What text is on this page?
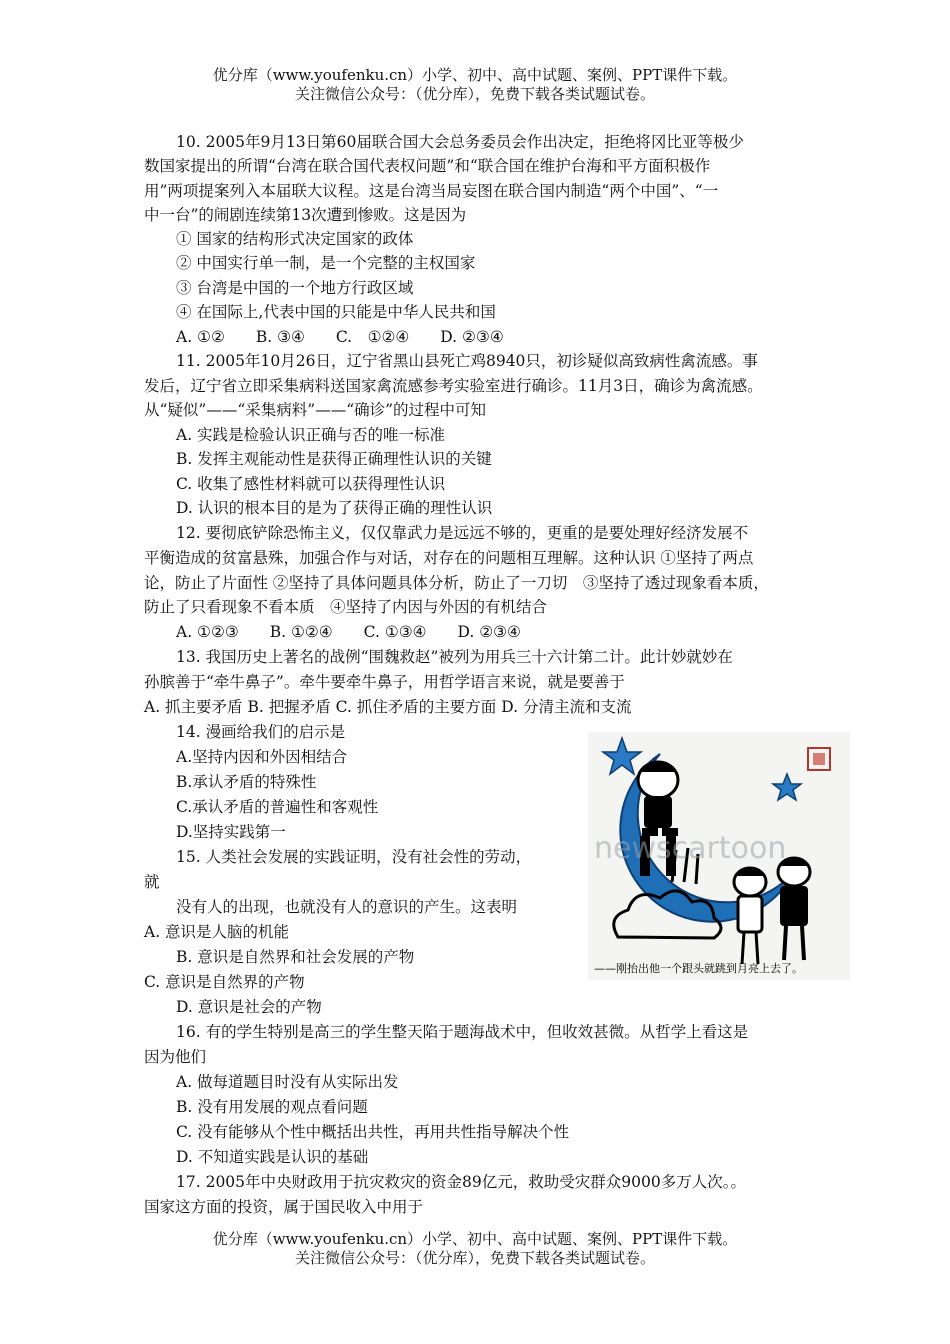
优分库（www.youfenku.cn）小学、初中、高中试题、案例、PPT课件下载。
关注微信公众号：（优分库），免费下载各类试题试卷。
10. 2005年9月13日第60届联合国大会总务委员会作出决定，拒绝将冈比亚等极少
数国家提出的所谓“台湾在联合国代表权问题”和“联合国在维护台海和平方面积极作
用”两项提案列入本届联大议程。这是台湾当局妄图在联合国内制造“两个中国”、“一
中一台”的闹剧连续第13次遭到惨败。这是因为
① 国家的结构形式决定国家的政体
② 中国实行单一制，是一个完整的主权国家
③ 台湾是中国的一个地方行政区域
④ 在国际上,代表中国的只能是中华人民共和国
A. ①②　　B. ③④　　C.　①②④　　D. ②③④
11. 2005年10月26日，辽宁省黑山县死亡鸡8940只，初诊疑似高致病性禽流感。事
发后，辽宁省立即采集病料送国家禽流感参考实验室进行确诊。11月3日，确诊为禽流感。
从“疑似”——“采集病料”——“确诊”的过程中可知
A. 实践是检验认识正确与否的唯一标准
B. 发挥主观能动性是获得正确理性认识的关键
C. 收集了感性材料就可以获得理性认识
D. 认识的根本目的是为了获得正确的理性认识
12. 要彻底铲除恐怖主义，仅仅靠武力是远远不够的，更重的是要处理好经济发展不
平衡造成的贫富悬殊，加强合作与对话，对存在的问题相互理解。这种认识 ①坚持了两点
论，防止了片面性 ②坚持了具体问题具体分析，防止了一刀切　③坚持了透过现象看本质，
防止了只看现象不看本质　④坚持了内因与外因的有机结合
A. ①②③　　B. ①②④　　C. ①③④　　D. ②③④
13. 我国历史上著名的战例“围魏救赵”被列为用兵三十六计第二计。此计妙就妙在
孙膑善于“牵牛鼻子”。牵牛要牵牛鼻子，用哲学语言来说，就是要善于
A. 抓主要矛盾 B. 把握矛盾 C. 抓住矛盾的主要方面 D. 分清主流和支流
14. 漫画给我们的启示是
A.坚持内因和外因相结合
B.承认矛盾的特殊性
C.承认矛盾的普遍性和客观性
D.坚持实践第一
15. 人类社会发展的实践证明，没有社会性的劳动，
就
没有人的出现，也就没有人的意识的产生。这表明
A. 意识是人脑的机能
B. 意识是自然界和社会发展的产物
C. 意识是自然界的产物
D. 意识是社会的产物
16. 有的学生特别是高三的学生整天陷于题海战术中，但收效甚微。从哲学上看这是
因为他们
A. 做每道题目时没有从实际出发
B. 没有用发展的观点看问题
C. 没有能够从个性中概括出共性，再用共性指导解决个性
D. 不知道实践是认识的基础
17. 2005年中央财政用于抗灾救灾的资金89亿元，救助受灾群众9000多万人次。。
国家这方面的投资，属于国民收入中用于
newscartoon
——刚抬出他一个跟头就跳到月亮上去了。
优分库（www.youfenku.cn）小学、初中、高中试题、案例、PPT课件下载。
关注微信公众号：（优分库），免费下载各类试题试卷。
